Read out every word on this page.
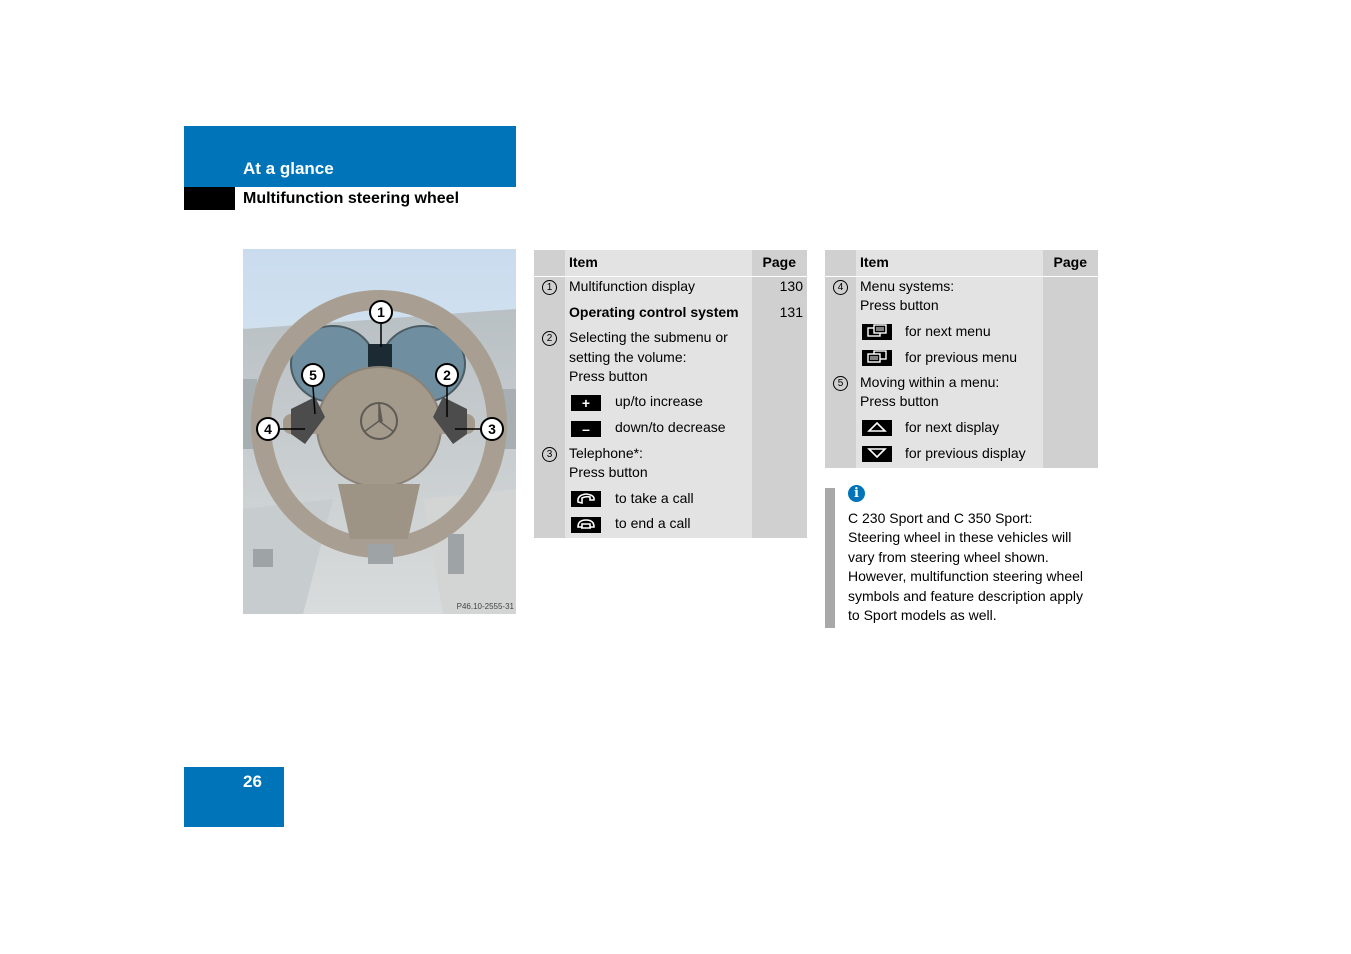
At a glance
Multifunction steering wheel
1
2
3
4
5
P46.10-2555-31
Item	Page
1	Multifunction display	130
Operating control system	131
2	Selecting the submenu or
setting the volume:
Press button
+	up/to increase
–	down/to decrease
3	Telephone*:
Press button
to take a call
to end a call
Item	Page
4	Menu systems:
Press button
for next menu
for previous menu
5	Moving within a menu:
Press button
for next display
for previous display
i
C 230 Sport and C 350 Sport:
Steering wheel in these vehicles will
vary from steering wheel shown.
However, multifunction steering wheel
symbols and feature description apply
to Sport models as well.
26
